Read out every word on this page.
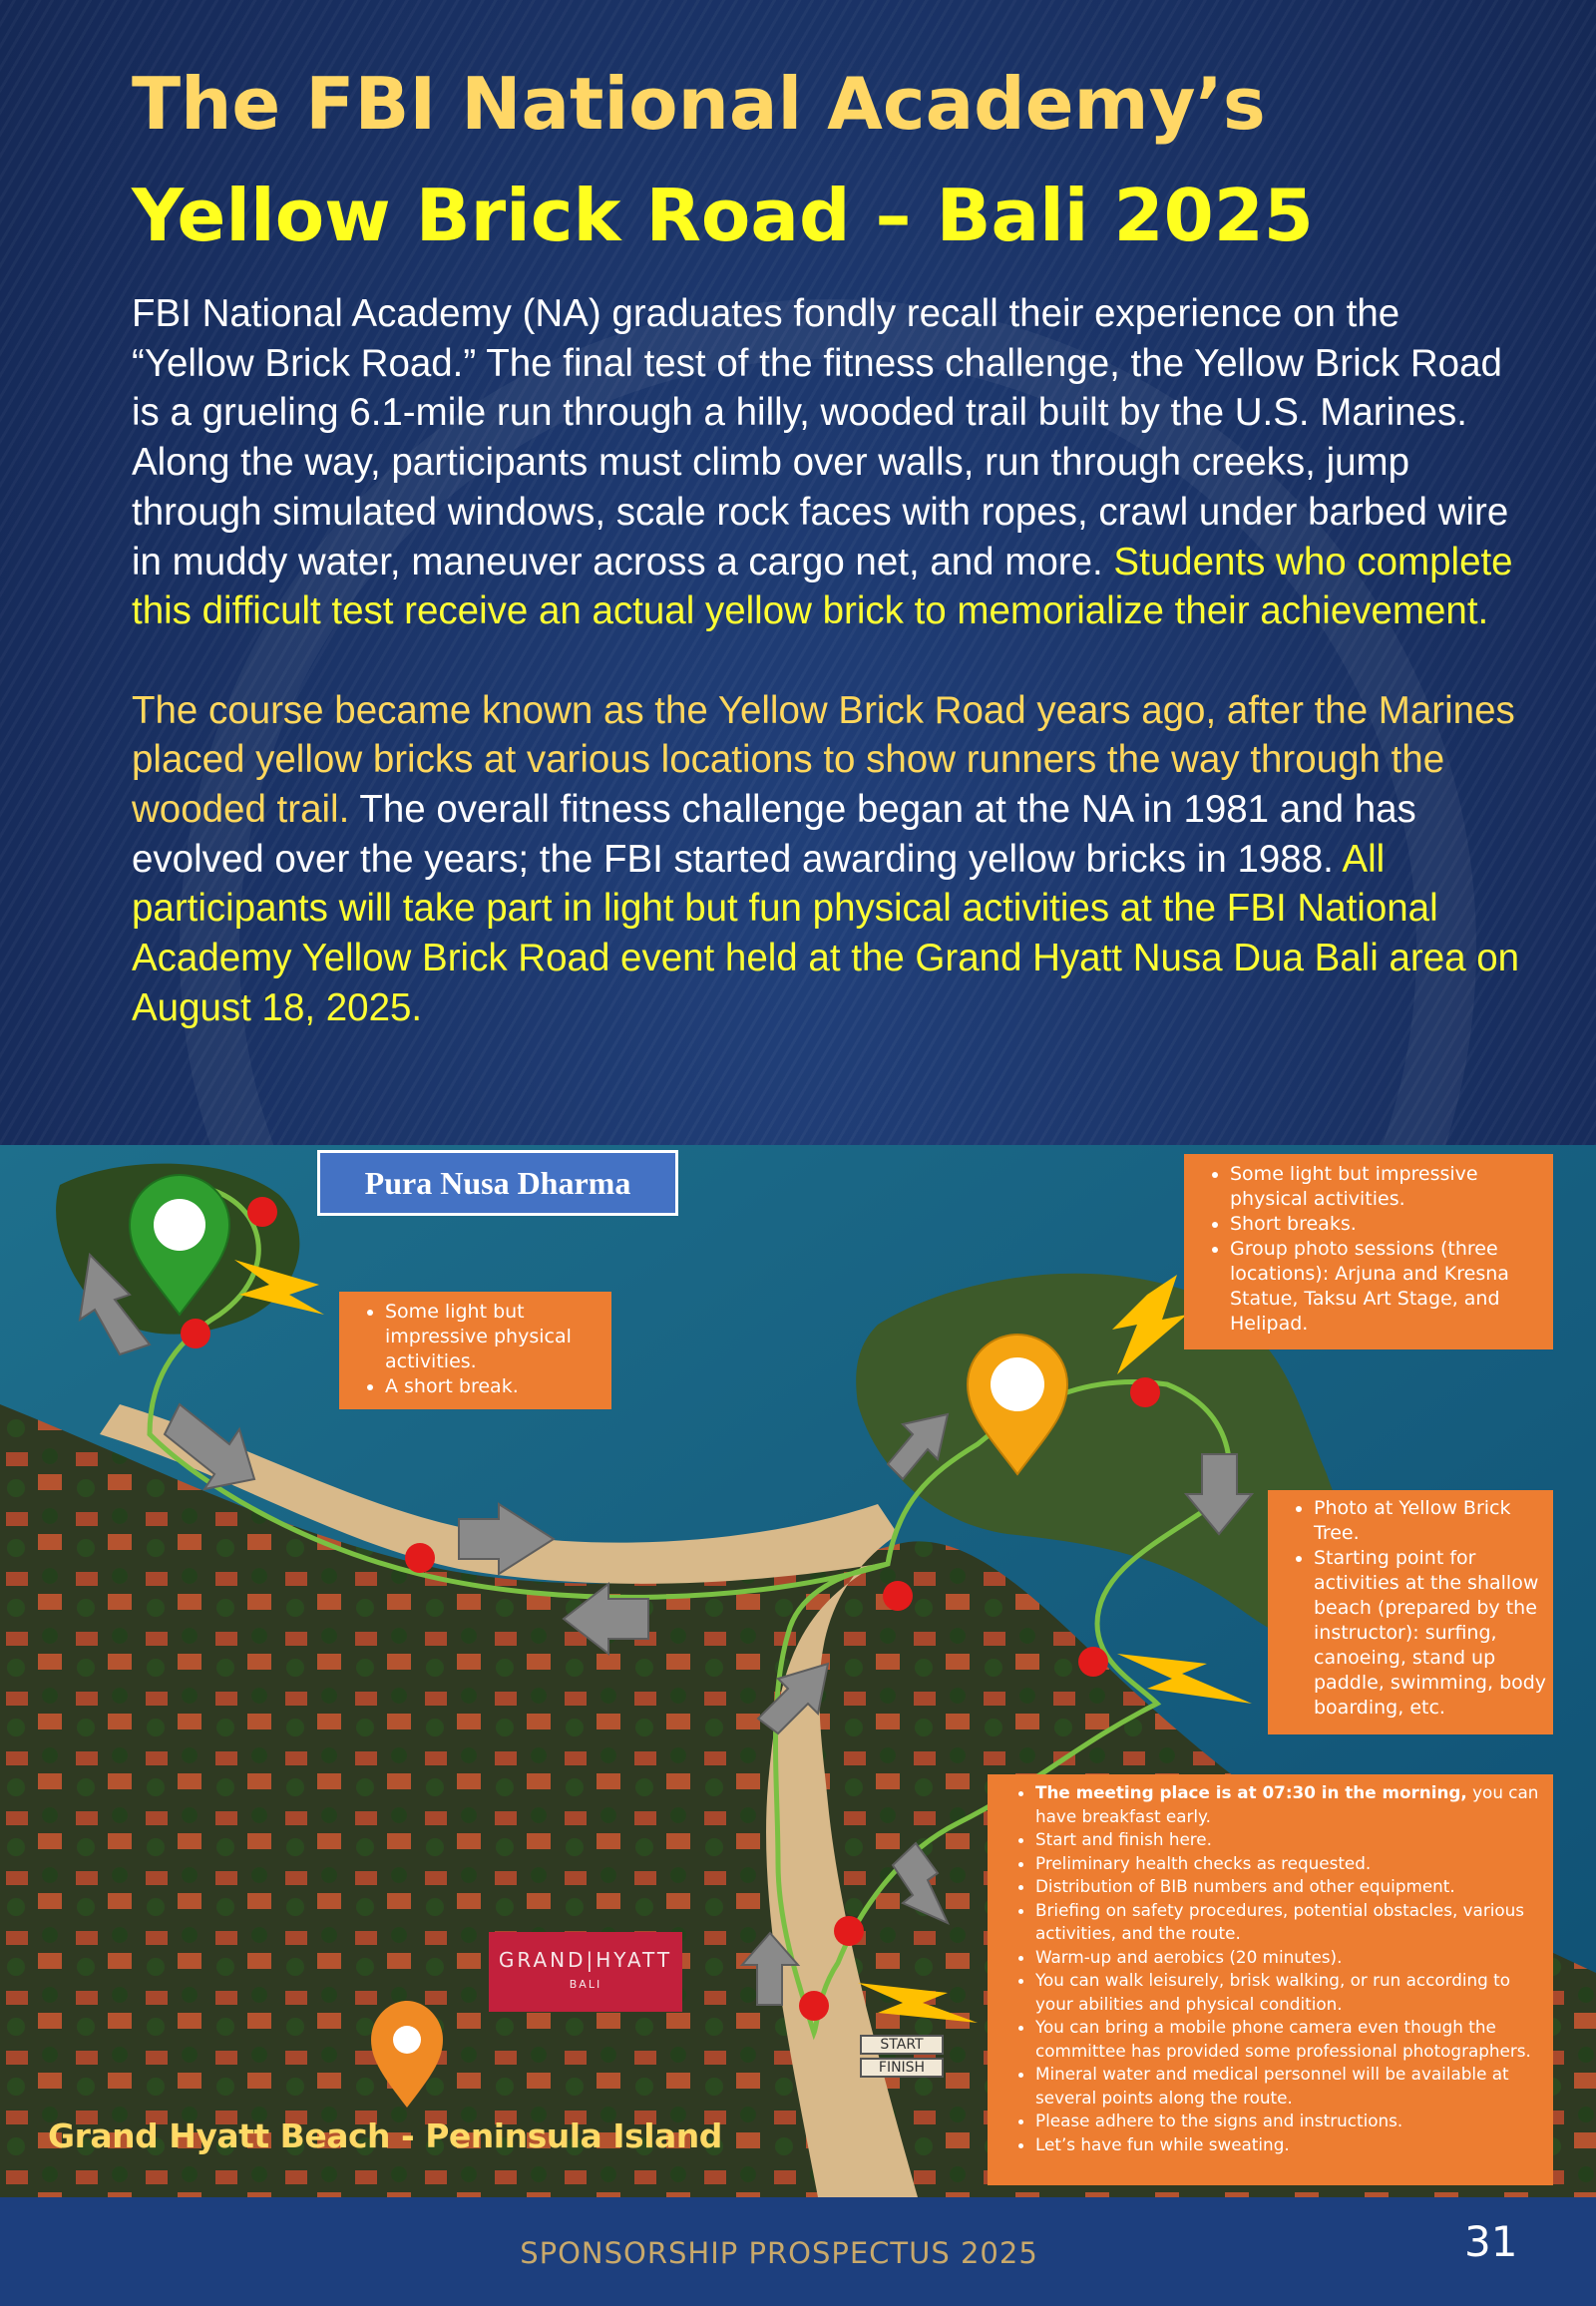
The FBI National Academy’s
Yellow Brick Road – Bali 2025

FBI National Academy (NA) graduates fondly recall their experience on the “Yellow Brick Road.” The final test of the fitness challenge, the Yellow Brick Road is a grueling 6.1-mile run through a hilly, wooded trail built by the U.S. Marines. Along the way, participants must climb over walls, run through creeks, jump through simulated windows, scale rock faces with ropes, crawl under barbed wire in muddy water, maneuver across a cargo net, and more. Students who complete this difficult test receive an actual yellow brick to memorialize their achievement.

The course became known as the Yellow Brick Road years ago, after the Marines placed yellow bricks at various locations to show runners the way through the wooded trail. The overall fitness challenge began at the NA in 1981 and has evolved over the years; the FBI started awarding yellow bricks in 1988. All participants will take part in light but fun physical activities at the FBI National Academy Yellow Brick Road event held at the Grand Hyatt Nusa Dua Bali area on August 18, 2025.

Pura Nusa Dharma
• Some light but impressive physical activities.
• A short break.
• Some light but impressive physical activities.
• Short breaks.
• Group photo sessions (three locations): Arjuna and Kresna Statue, Taksu Art Stage, and Helipad.
• Photo at Yellow Brick Tree.
• Starting point for activities at the shallow beach (prepared by the instructor): surfing, canoeing, stand up paddle, swimming, body boarding, etc.
• The meeting place is at 07:30 in the morning, you can have breakfast early.
• Start and finish here.
• Preliminary health checks as requested.
• Distribution of BIB numbers and other equipment.
• Briefing on safety procedures, potential obstacles, various activities, and the route.
• Warm-up and aerobics (20 minutes).
• You can walk leisurely, brisk walking, or run according to your abilities and physical condition.
• You can bring a mobile phone camera even though the committee has provided some professional photographers.
• Mineral water and medical personnel will be available at several points along the route.
• Please adhere to the signs and instructions.
• Let’s have fun while sweating.
GRAND|HYATT
BALI
START
FINISH
Grand Hyatt Beach - Peninsula Island
SPONSORSHIP PROSPECTUS 2025	31
